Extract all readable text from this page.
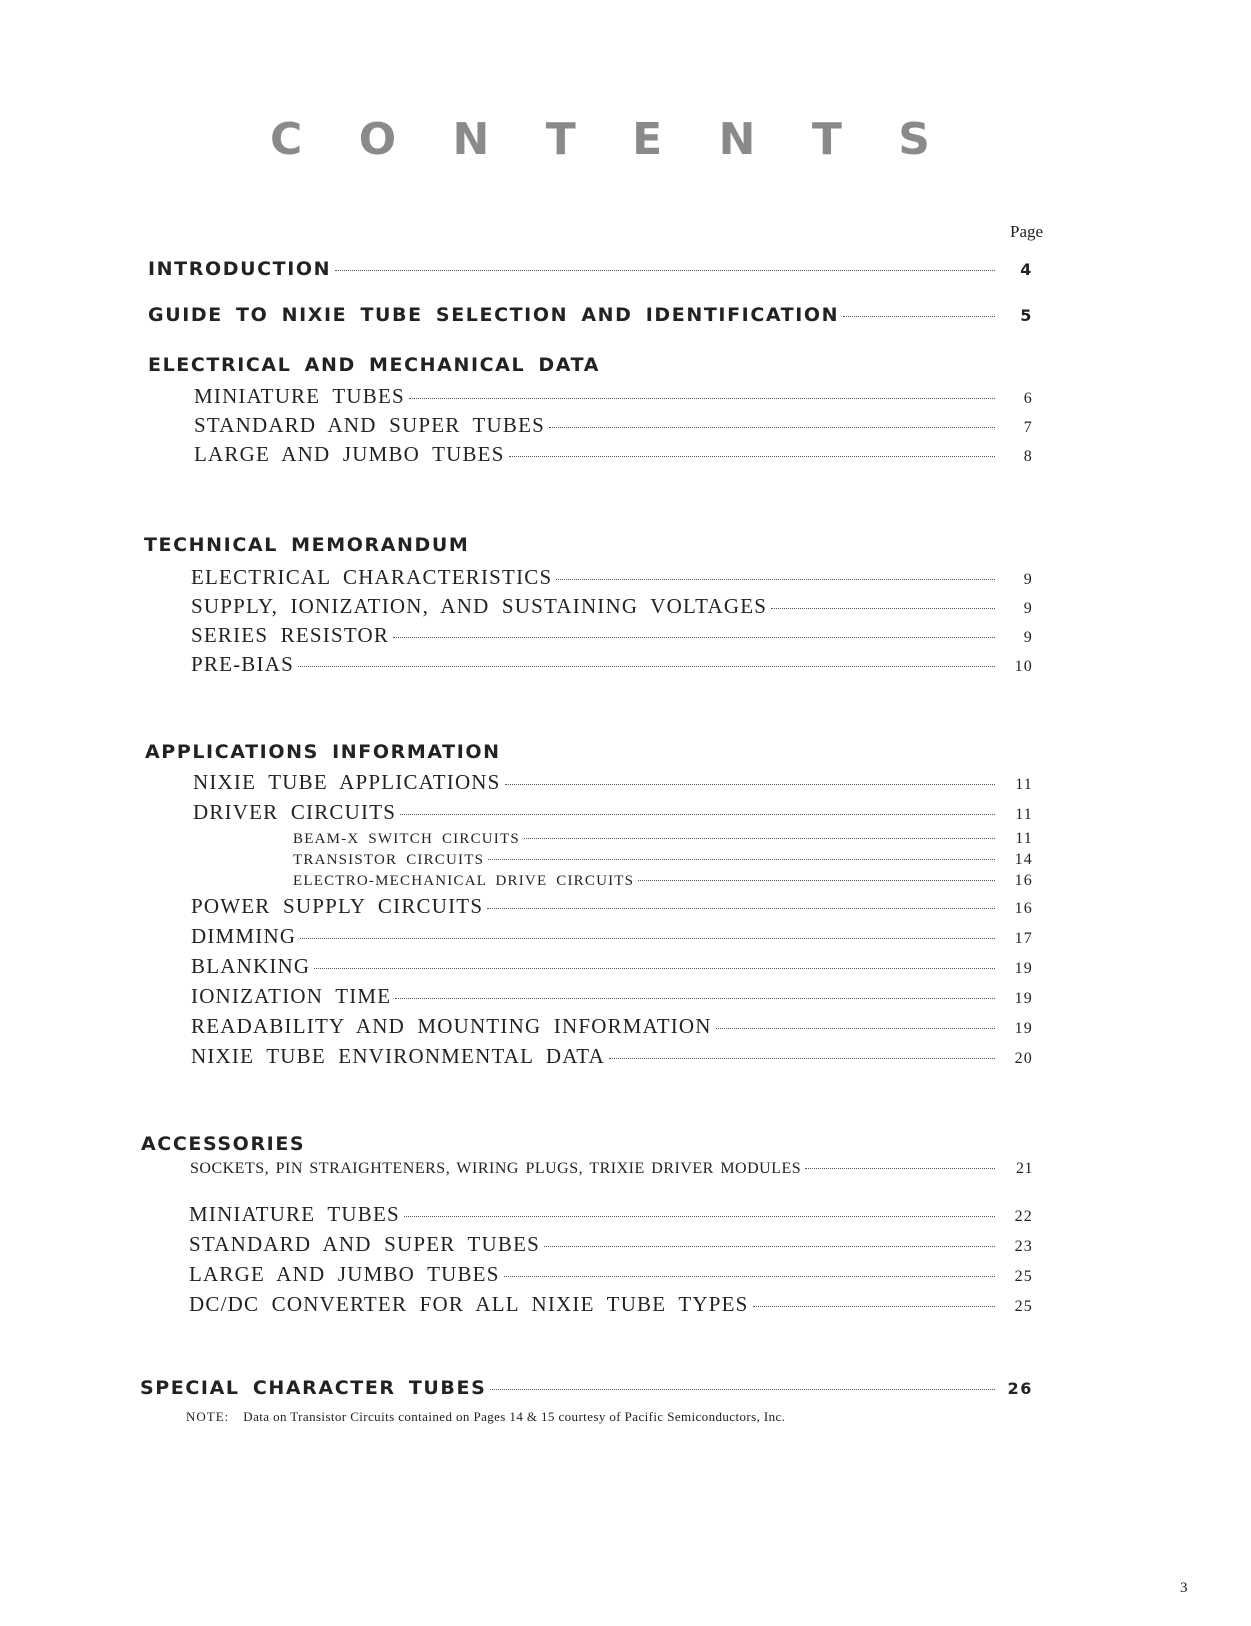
C O N T E N T S
Page
INTRODUCTION	4
GUIDE TO NIXIE TUBE SELECTION AND IDENTIFICATION	5
ELECTRICAL AND MECHANICAL DATA
MINIATURE TUBES	6
STANDARD AND SUPER TUBES	7
LARGE AND JUMBO TUBES	8
TECHNICAL MEMORANDUM
ELECTRICAL CHARACTERISTICS	9
SUPPLY, IONIZATION, AND SUSTAINING VOLTAGES	9
SERIES RESISTOR	9
PRE-BIAS	10
APPLICATIONS INFORMATION
NIXIE TUBE APPLICATIONS	11
DRIVER CIRCUITS	11
BEAM-X SWITCH CIRCUITS	11
TRANSISTOR CIRCUITS	14
ELECTRO-MECHANICAL DRIVE CIRCUITS	16
POWER SUPPLY CIRCUITS	16
DIMMING	17
BLANKING	19
IONIZATION TIME	19
READABILITY AND MOUNTING INFORMATION	19
NIXIE TUBE ENVIRONMENTAL DATA	20
ACCESSORIES
SOCKETS, PIN STRAIGHTENERS, WIRING PLUGS, TRIXIE DRIVER MODULES	21
MINIATURE TUBES	22
STANDARD AND SUPER TUBES	23
LARGE AND JUMBO TUBES	25
DC/DC CONVERTER FOR ALL NIXIE TUBE TYPES	25
SPECIAL CHARACTER TUBES	26
NOTE: Data on Transistor Circuits contained on Pages 14 & 15 courtesy of Pacific Semiconductors, Inc.
3
